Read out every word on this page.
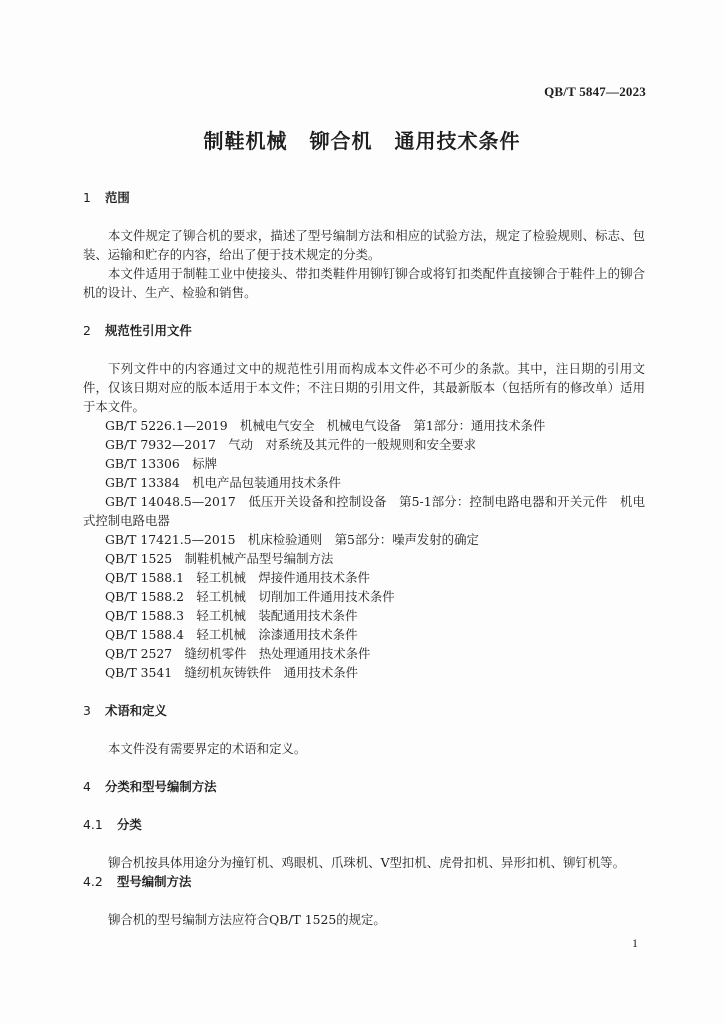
QB/T 5847—2023
制鞋机械 铆合机 通用技术条件
1 范围

本文件规定了铆合机的要求，描述了型号编制方法和相应的试验方法，规定了检验规则、标志、包装、运输和贮存的内容，给出了便于技术规定的分类。

本文件适用于制鞋工业中使接头、带扣类鞋件用铆钉铆合或将钉扣类配件直接铆合于鞋件上的铆合机的设计、生产、检验和销售。

2 规范性引用文件

下列文件中的内容通过文中的规范性引用而构成本文件必不可少的条款。其中，注日期的引用文件，仅该日期对应的版本适用于本文件；不注日期的引用文件，其最新版本（包括所有的修改单）适用于本文件。

GB/T 5226.1—2019　机械电气安全　机械电气设备　第1部分：通用技术条件

GB/T 7932—2017　气动　对系统及其元件的一般规则和安全要求

GB/T 13306　标牌

GB/T 13384　机电产品包装通用技术条件

GB/T 14048.5—2017　低压开关设备和控制设备　第5-1部分：控制电路电器和开关元件　机电式控制电路电器

GB/T 17421.5—2015　机床检验通则　第5部分：噪声发射的确定

QB/T 1525　制鞋机械产品型号编制方法

QB/T 1588.1　轻工机械　焊接件通用技术条件

QB/T 1588.2　轻工机械　切削加工件通用技术条件

QB/T 1588.3　轻工机械　装配通用技术条件

QB/T 1588.4　轻工机械　涂漆通用技术条件

QB/T 2527　缝纫机零件　热处理通用技术条件

QB/T 3541　缝纫机灰铸铁件　通用技术条件

3 术语和定义

本文件没有需要界定的术语和定义。

4 分类和型号编制方法
4.1 分类

铆合机按具体用途分为撞钉机、鸡眼机、爪珠机、V型扣机、虎骨扣机、异形扣机、铆钉机等。

4.2 型号编制方法

铆合机的型号编制方法应符合QB/T 1525的规定。

1
